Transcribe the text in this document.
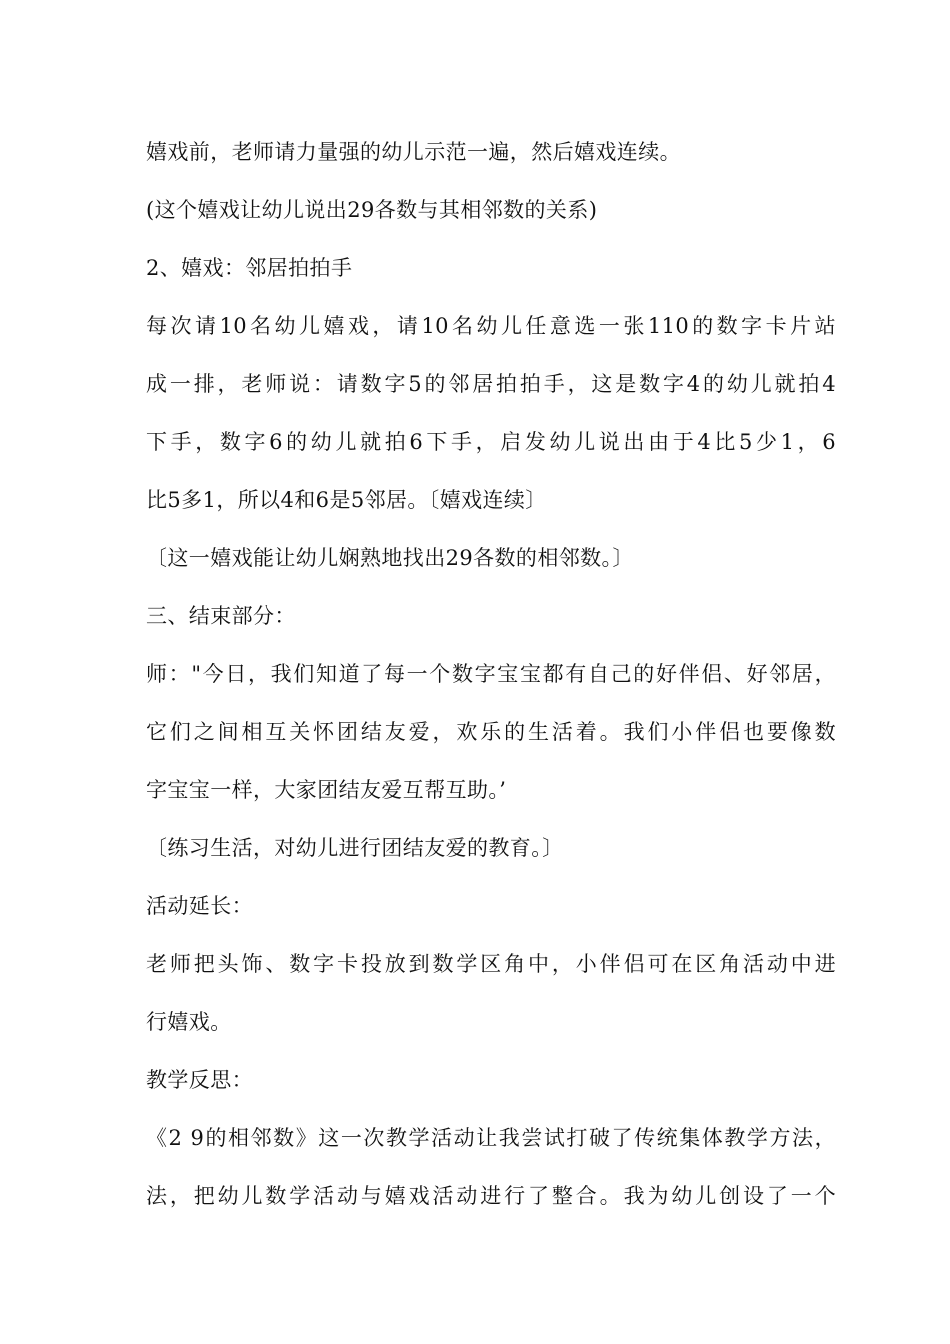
嬉戏前，老师请力量强的幼儿示范一遍，然后嬉戏连续。
(这个嬉戏让幼儿说出29各数与其相邻数的关系)
2、嬉戏：邻居拍拍手
每次请10名幼儿嬉戏，请10名幼儿任意选一张110的数字卡片站
成一排，老师说：请数字5的邻居拍拍手，这是数字4的幼儿就拍4
下手，数字6的幼儿就拍6下手，启发幼儿说出由于4比5少1，6
比5多1，所以4和6是5邻居。〔嬉戏连续〕
〔这一嬉戏能让幼儿娴熟地找出29各数的相邻数。〕
三、结束部分：
师："今日，我们知道了每一个数字宝宝都有自己的好伴侣、好邻居，
它们之间相互关怀团结友爱，欢乐的生活着。我们小伴侣也要像数
字宝宝一样，大家团结友爱互帮互助。’
〔练习生活，对幼儿进行团结友爱的教育。〕
活动延长：
老师把头饰、数字卡投放到数学区角中，小伴侣可在区角活动中进
行嬉戏。
教学反思：
《2 9的相邻数》这一次教学活动让我尝试打破了传统集体教学方法，
法，把幼儿数学活动与嬉戏活动进行了整合。我为幼儿创设了一个
